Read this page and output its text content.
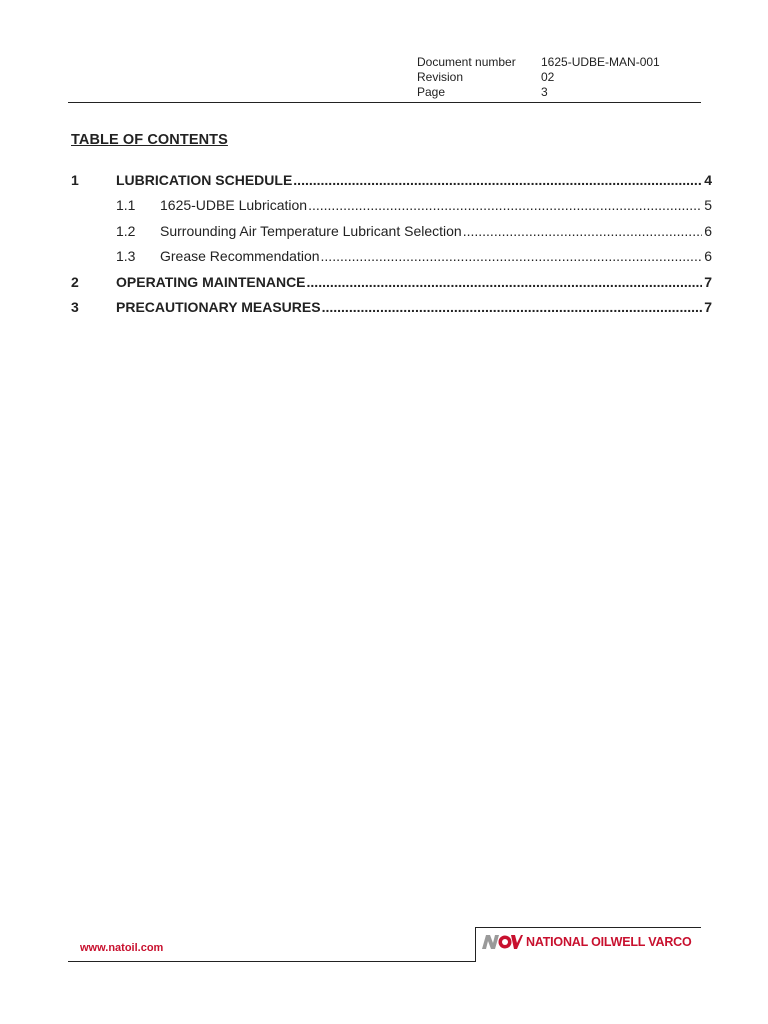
Document number	1625-UDBE-MAN-001
Revision	02
Page	3
TABLE OF CONTENTS
1	LUBRICATION SCHEDULE .....	4
1.1	1625-UDBE Lubrication .....	5
1.2	Surrounding Air Temperature Lubricant Selection .....	6
1.3	Grease Recommendation .....	6
2	OPERATING MAINTENANCE .....	7
3	PRECAUTIONARY MEASURES .....	7
www.natoil.com	NATIONAL OILWELL VARCO
